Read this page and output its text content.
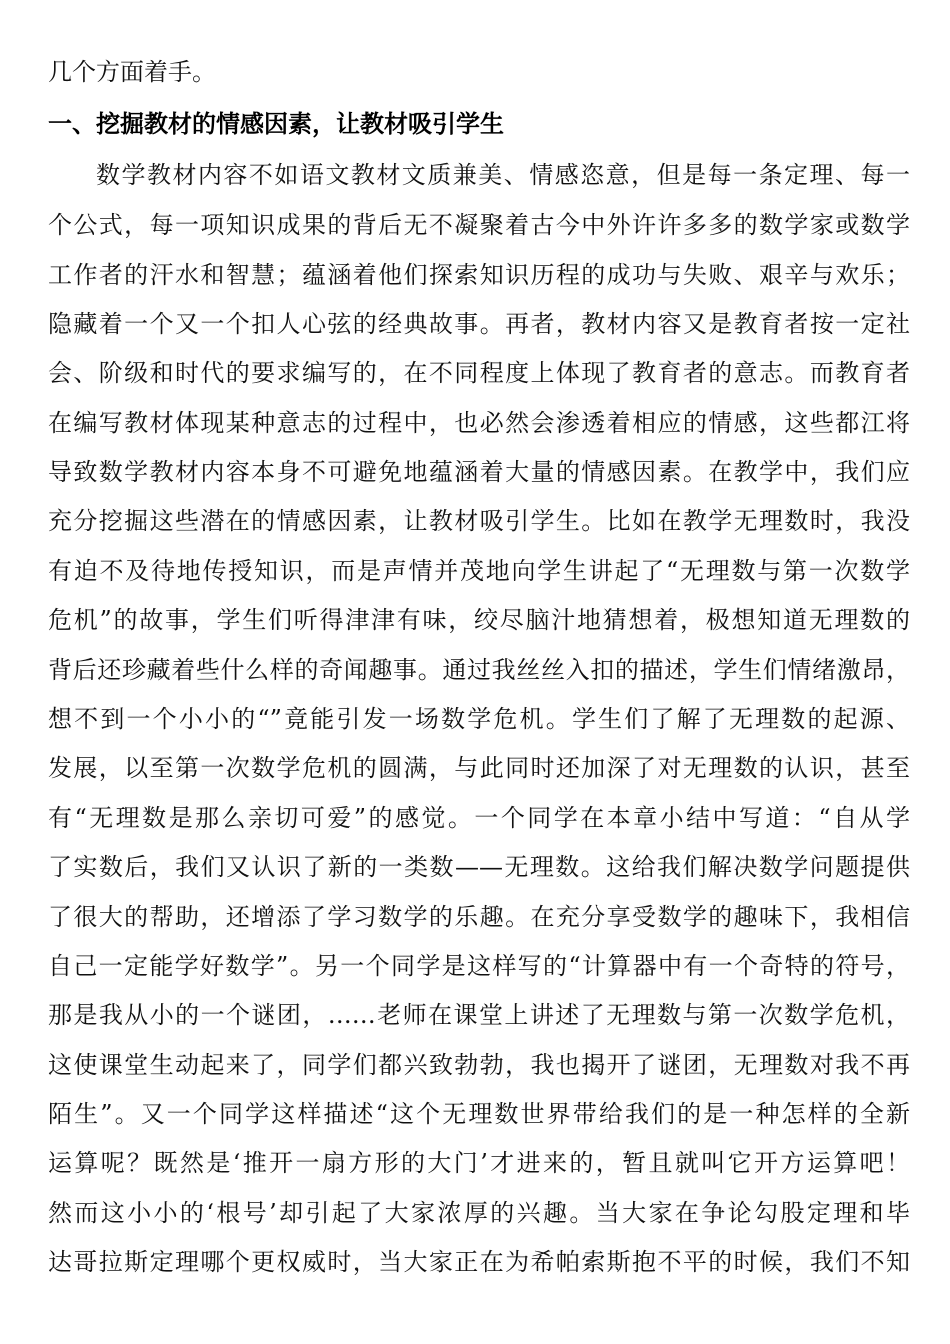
几个方面着手。

一、挖掘教材的情感因素，让教材吸引学生

数学教材内容不如语文教材文质兼美、情感恣意，但是每一条定理、每一

个公式，每一项知识成果的背后无不凝聚着古今中外许许多多的数学家或数学

工作者的汗水和智慧；蕴涵着他们探索知识历程的成功与失败、艰辛与欢乐；

隐藏着一个又一个扣人心弦的经典故事。再者，教材内容又是教育者按一定社

会、阶级和时代的要求编写的，在不同程度上体现了教育者的意志。而教育者

在编写教材体现某种意志的过程中，也必然会渗透着相应的情感，这些都江将

导致数学教材内容本身不可避免地蕴涵着大量的情感因素。在教学中，我们应

充分挖掘这些潜在的情感因素，让教材吸引学生。比如在教学无理数时，我没

有迫不及待地传授知识，而是声情并茂地向学生讲起了“无理数与第一次数学

危机”的故事，学生们听得津津有味，绞尽脑汁地猜想着，极想知道无理数的

背后还珍藏着些什么样的奇闻趣事。通过我丝丝入扣的描述，学生们情绪激昂，

想不到一个小小的“”竟能引发一场数学危机。学生们了解了无理数的起源、

发展，以至第一次数学危机的圆满，与此同时还加深了对无理数的认识，甚至

有“无理数是那么亲切可爱”的感觉。一个同学在本章小结中写道：“自从学

了实数后，我们又认识了新的一类数——无理数。这给我们解决数学问题提供

了很大的帮助，还增添了学习数学的乐趣。在充分享受数学的趣味下，我相信

自己一定能学好数学”。另一个同学是这样写的“计算器中有一个奇特的符号，

那是我从小的一个谜团，……老师在课堂上讲述了无理数与第一次数学危机，

这使课堂生动起来了，同学们都兴致勃勃，我也揭开了谜团，无理数对我不再

陌生”。又一个同学这样描述“这个无理数世界带给我们的是一种怎样的全新

运算呢？既然是‘推开一扇方形的大门’才进来的，暂且就叫它开方运算吧！

然而这小小的‘根号’却引起了大家浓厚的兴趣。当大家在争论勾股定理和毕

达哥拉斯定理哪个更权威时，当大家正在为希帕索斯抱不平的时候，我们不知
